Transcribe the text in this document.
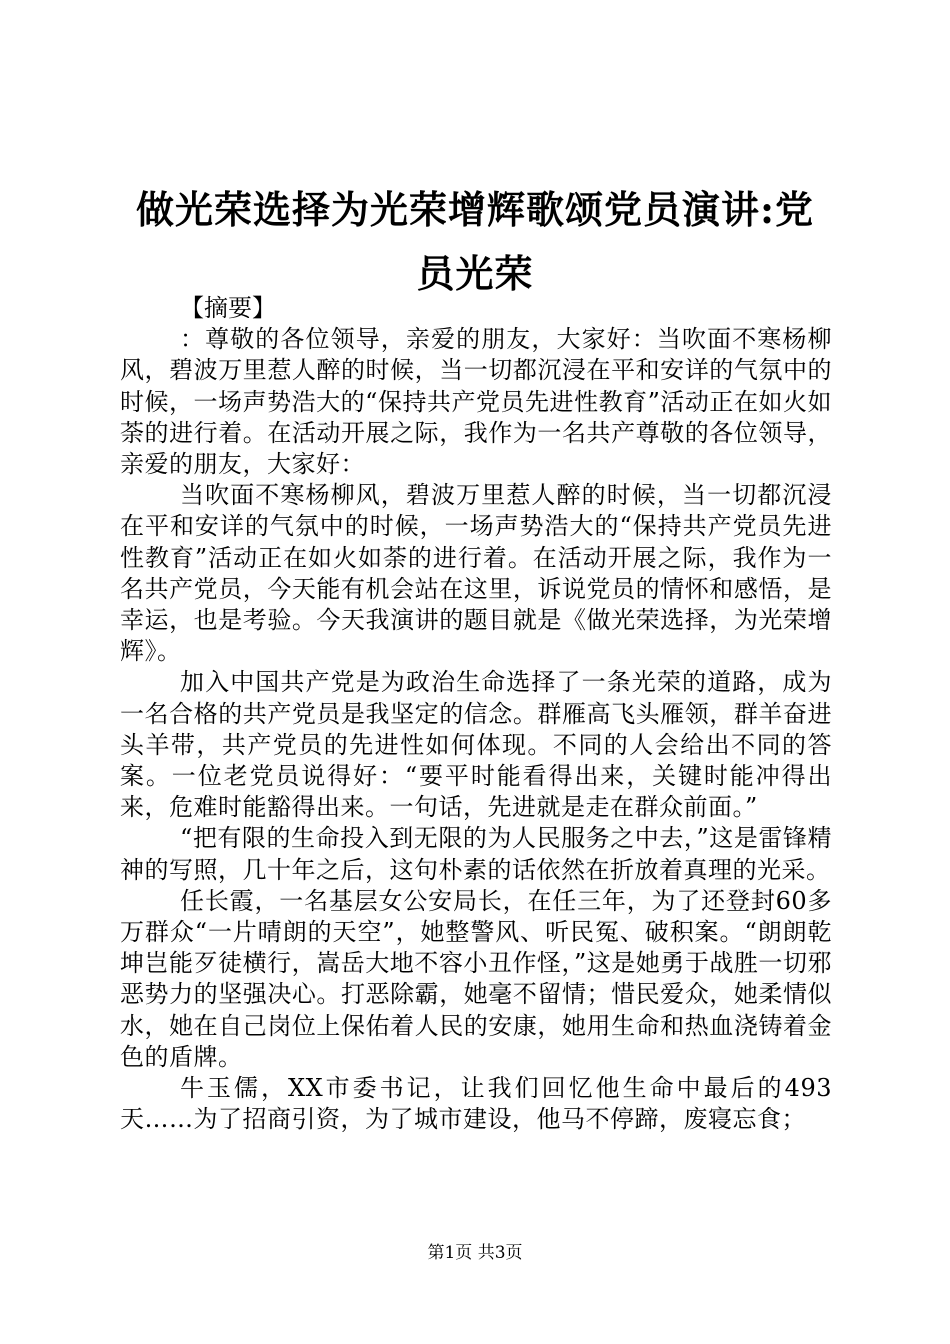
做光荣选择为光荣增辉歌颂党员演讲:党员光荣

【摘要】

：尊敬的各位领导，亲爱的朋友，大家好：当吹面不寒杨柳风，碧波万里惹人醉的时候，当一切都沉浸在平和安详的气氛中的时候，一场声势浩大的“保持共产党员先进性教育”活动正在如火如荼的进行着。在活动开展之际，我作为一名共产尊敬的各位领导，亲爱的朋友，大家好：

当吹面不寒杨柳风，碧波万里惹人醉的时候，当一切都沉浸在平和安详的气氛中的时候，一场声势浩大的“保持共产党员先进性教育”活动正在如火如荼的进行着。在活动开展之际，我作为一名共产党员，今天能有机会站在这里，诉说党员的情怀和感悟，是幸运，也是考验。今天我演讲的题目就是《做光荣选择，为光荣增辉》。

加入中国共产党是为政治生命选择了一条光荣的道路，成为一名合格的共产党员是我坚定的信念。群雁高飞头雁领，群羊奋进头羊带，共产党员的先进性如何体现。不同的人会给出不同的答案。一位老党员说得好：“要平时能看得出来，关键时能冲得出来，危难时能豁得出来。一句话，先进就是走在群众前面。”

“把有限的生命投入到无限的为人民服务之中去，”这是雷锋精神的写照，几十年之后，这句朴素的话依然在折放着真理的光采。

任长霞，一名基层女公安局长，在任三年，为了还登封60多万群众“一片晴朗的天空”，她整警风、听民冤、破积案。“朗朗乾坤岂能歹徒横行，嵩岳大地不容小丑作怪，”这是她勇于战胜一切邪恶势力的坚强决心。打恶除霸，她毫不留情；惜民爱众，她柔情似水，她在自己岗位上保佑着人民的安康，她用生命和热血浇铸着金色的盾牌。

牛玉儒，XX市委书记，让我们回忆他生命中最后的493天……为了招商引资，为了城市建设，他马不停蹄，废寝忘食；

第1页 共3页
